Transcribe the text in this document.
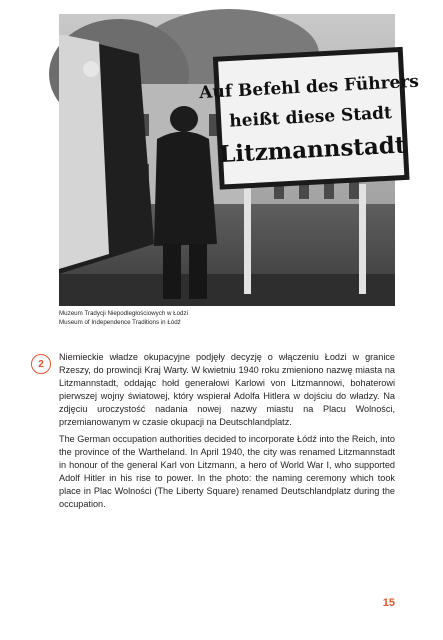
Auf Befehl des Führers
heißt diese Stadt
Litzmannstadt
Muzeum Tradycji Niepodległościowych w Łodzi
Museum of Independence Traditions in Łódź
2
Niemieckie władze okupacyjne podjęły decyzję o włączeniu Łodzi w granice Rzeszy, do prowincji Kraj Warty. W kwietniu 1940 roku zmieniono nazwę miasta na Litzmannstadt, oddając hołd generałowi Karlowi von Litzmannowi, bohaterowi pierwszej wojny światowej, który wspierał Adolfa Hitlera w dojściu do władzy. Na zdjęciu uroczystość nadania nowej nazwy miastu na Placu Wolności, przemianowanym w czasie okupacji na Deutschlandplatz.
The German occupation authorities decided to incorporate Łódź into the Reich, into the province of the Wartheland. In April 1940, the city was renamed Litzmannstadt in honour of the general Karl von Litzmann, a hero of World War I, who supported Adolf Hitler in his rise to power. In the photo: the naming ceremony which took place in Plac Wolności (The Liberty Square) renamed Deutschlandplatz during the occupation.
15
